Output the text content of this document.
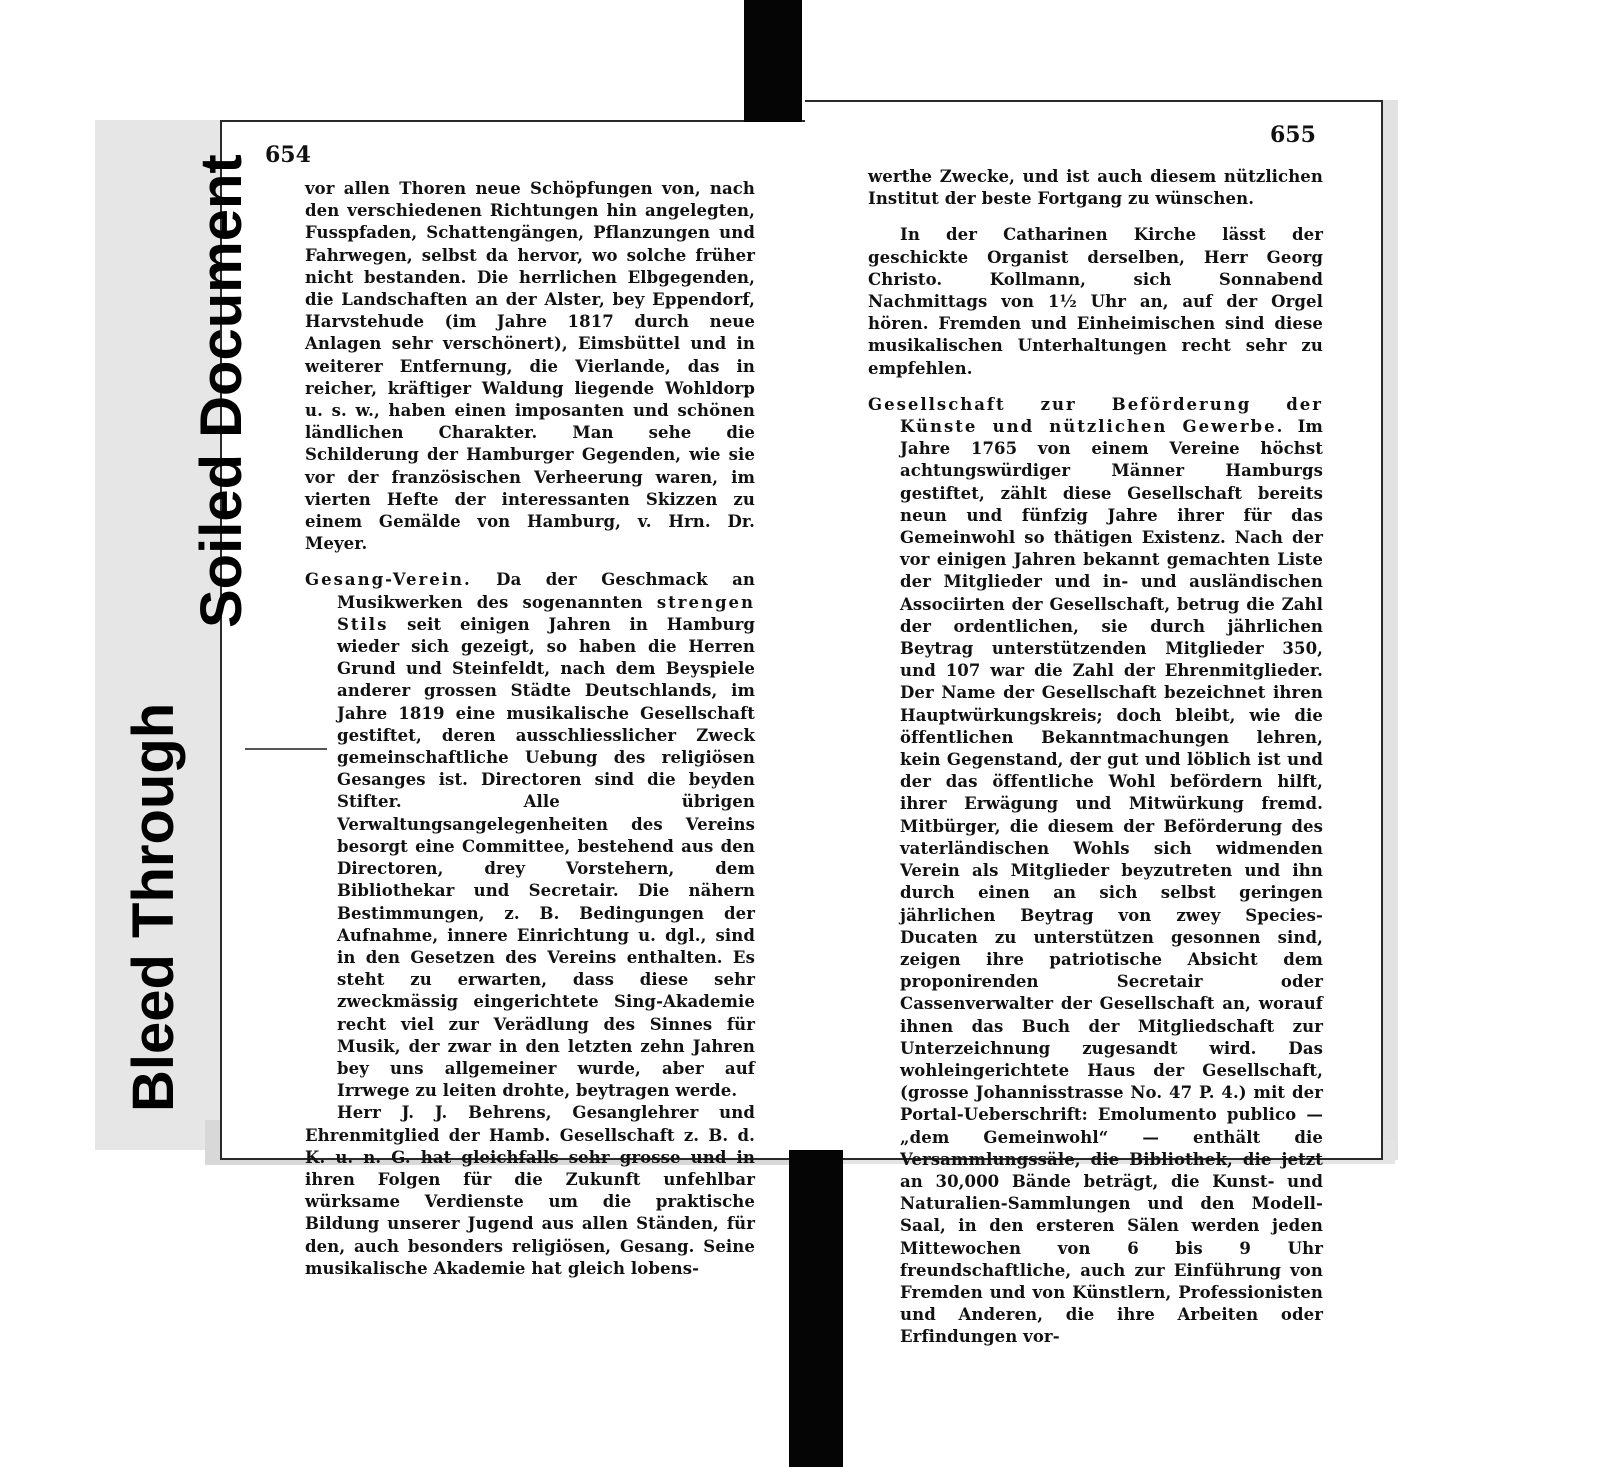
Bleed Through
Soiled Document 654
655

vor allen Thoren neue Schöpfungen von, nach den verschiedenen Richtungen hin angelegten, Fusspfaden, Schattengängen, Pflanzungen und Fahrwegen, selbst da hervor, wo solche früher nicht bestanden. Die herrlichen Elbgegenden, die Landschaften an der Alster, bey Eppendorf, Harvstehude (im Jahre 1817 durch neue Anlagen sehr verschönert), Eimsbüttel und in weiterer Entfernung, die Vierlande, das in reicher, kräftiger Waldung liegende Wohldorp u. s. w., haben einen imposanten und schönen ländlichen Charakter. Man sehe die Schilderung der Hamburger Gegenden, wie sie vor der französischen Verheerung waren, im vierten Hefte der interessanten Skizzen zu einem Gemälde von Hamburg, v. Hrn. Dr. Meyer.

Gesang-Verein. Da der Geschmack an Musikwerken des sogenannten strengen Stils seit einigen Jahren in Hamburg wieder sich gezeigt, so haben die Herren Grund und Steinfeldt, nach dem Beyspiele anderer grossen Städte Deutschlands, im Jahre 1819 eine musikalische Gesellschaft gestiftet, deren ausschliesslicher Zweck gemeinschaftliche Uebung des religiösen Gesanges ist. Directoren sind die beyden Stifter. Alle übrigen Verwaltungsangelegenheiten des Vereins besorgt eine Committee, bestehend aus den Directoren, drey Vorstehern, dem Bibliothekar und Secretair. Die nähern Bestimmungen, z. B. Bedingungen der Aufnahme, innere Einrichtung u. dgl., sind in den Gesetzen des Vereins enthalten. Es steht zu erwarten, dass diese sehr zweckmässig eingerichtete Sing-Akademie recht viel zur Verädlung des Sinnes für Musik, der zwar in den letzten zehn Jahren bey uns allgemeiner wurde, aber auf Irrwege zu leiten drohte, beytragen werde.

Herr J. J. Behrens, Gesanglehrer und Ehrenmitglied der Hamb. Gesellschaft z. B. d. K. u. n. G. hat gleichfalls sehr grosse und in ihren Folgen für die Zukunft unfehlbar würksame Verdienste um die praktische Bildung unserer Jugend aus allen Ständen, für den, auch besonders religiösen, Gesang. Seine musikalische Akademie hat gleich lobens-

werthe Zwecke, und ist auch diesem nützlichen Institut der beste Fortgang zu wünschen.

In der Catharinen Kirche lässt der geschickte Organist derselben, Herr Georg Christo. Kollmann, sich Sonnabend Nachmittags von 1½ Uhr an, auf der Orgel hören. Fremden und Einheimischen sind diese musikalischen Unterhaltungen recht sehr zu empfehlen.

Gesellschaft zur Beförderung der Künste und nützlichen Gewerbe. Im Jahre 1765 von einem Vereine höchst achtungswürdiger Männer Hamburgs gestiftet, zählt diese Gesellschaft bereits neun und fünfzig Jahre ihrer für das Gemeinwohl so thätigen Existenz. Nach der vor einigen Jahren bekannt gemachten Liste der Mitglieder und in- und ausländischen Associirten der Gesellschaft, betrug die Zahl der ordentlichen, sie durch jährlichen Beytrag unterstützenden Mitglieder 350, und 107 war die Zahl der Ehrenmitglieder. Der Name der Gesellschaft bezeichnet ihren Hauptwürkungskreis; doch bleibt, wie die öffentlichen Bekanntmachungen lehren, kein Gegenstand, der gut und löblich ist und der das öffentliche Wohl befördern hilft, ihrer Erwägung und Mitwürkung fremd. Mitbürger, die diesem der Beförderung des vaterländischen Wohls sich widmenden Verein als Mitglieder beyzutreten und ihn durch einen an sich selbst geringen jährlichen Beytrag von zwey Species-Ducaten zu unterstützen gesonnen sind, zeigen ihre patriotische Absicht dem proponirenden Secretair oder Cassenverwalter der Gesellschaft an, worauf ihnen das Buch der Mitgliedschaft zur Unterzeichnung zugesandt wird. Das wohleingerichtete Haus der Gesellschaft, (grosse Johannisstrasse No. 47 P. 4.) mit der Portal-Ueberschrift: Emolumento publico — „dem Gemeinwohl“ — enthält die Versammlungssäle, die Bibliothek, die jetzt an 30,000 Bände beträgt, die Kunst- und Naturalien-Sammlungen und den Modell-Saal, in den ersteren Sälen werden jeden Mittewochen von 6 bis 9 Uhr freundschaftliche, auch zur Einführung von Fremden und von Künstlern, Professionisten und Anderen, die ihre Arbeiten oder Erfindungen vor-
